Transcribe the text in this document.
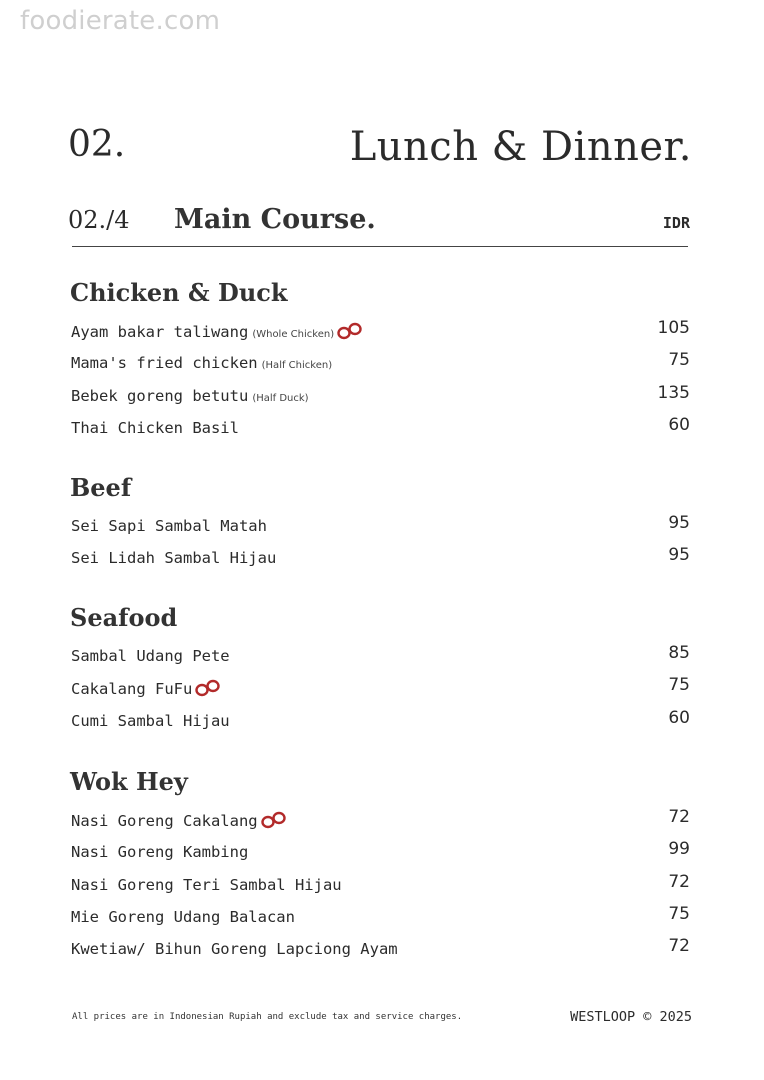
foodierate.com
02.	Lunch & Dinner.
02./4 Main Course.	IDR
Chicken & Duck
Ayam bakar taliwang (Whole Chicken)	105
Mama's fried chicken (Half Chicken)	75
Bebek goreng betutu (Half Duck)	135
Thai Chicken Basil	60
Beef
Sei Sapi Sambal Matah	95
Sei Lidah Sambal Hijau	95
Seafood
Sambal Udang Pete	85
Cakalang FuFu	75
Cumi Sambal Hijau	60
Wok Hey
Nasi Goreng Cakalang	72
Nasi Goreng Kambing	99
Nasi Goreng Teri Sambal Hijau	72
Mie Goreng Udang Balacan	75
Kwetiaw/ Bihun Goreng Lapciong Ayam	72
All prices are in Indonesian Rupiah and exclude tax and service charges.	WESTLOOP © 2025
